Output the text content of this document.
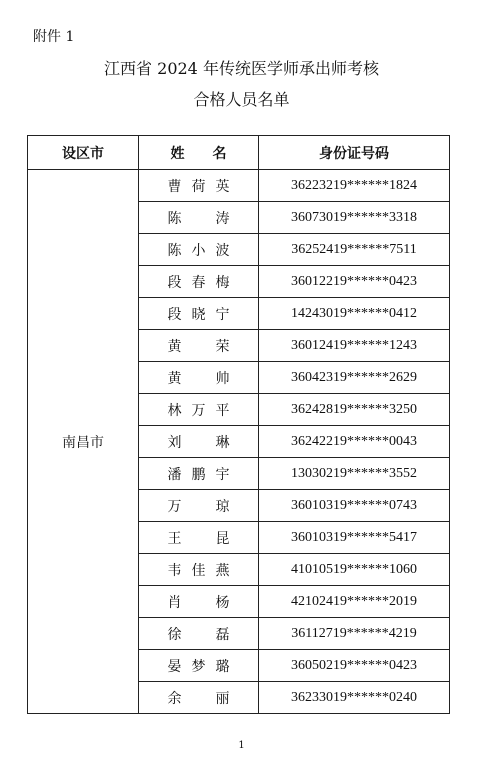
附件 1
江西省 2024 年传统医学师承出师考核
合格人员名单
设区市	姓　　名	身份证号码
南昌市	曹 荷 英	36223219******1824

	陈 涛	36073019******3318

	陈 小 波	36252419******7511

	段 春 梅	36012219******0423

	段 晓 宁	14243019******0412

	黄 荣	36012419******1243

	黄 帅	36042319******2629

	林 万 平	36242819******3250

	刘 琳	36242219******0043

	潘 鹏 宇	13030219******3552

	万 琼	36010319******0743

	王 昆	36010319******5417

	韦 佳 燕	41010519******1060

	肖 杨	42102419******2019

	徐 磊	36112719******4219

	晏 梦 璐	36050219******0423

	余 丽	36233019******0240
1
